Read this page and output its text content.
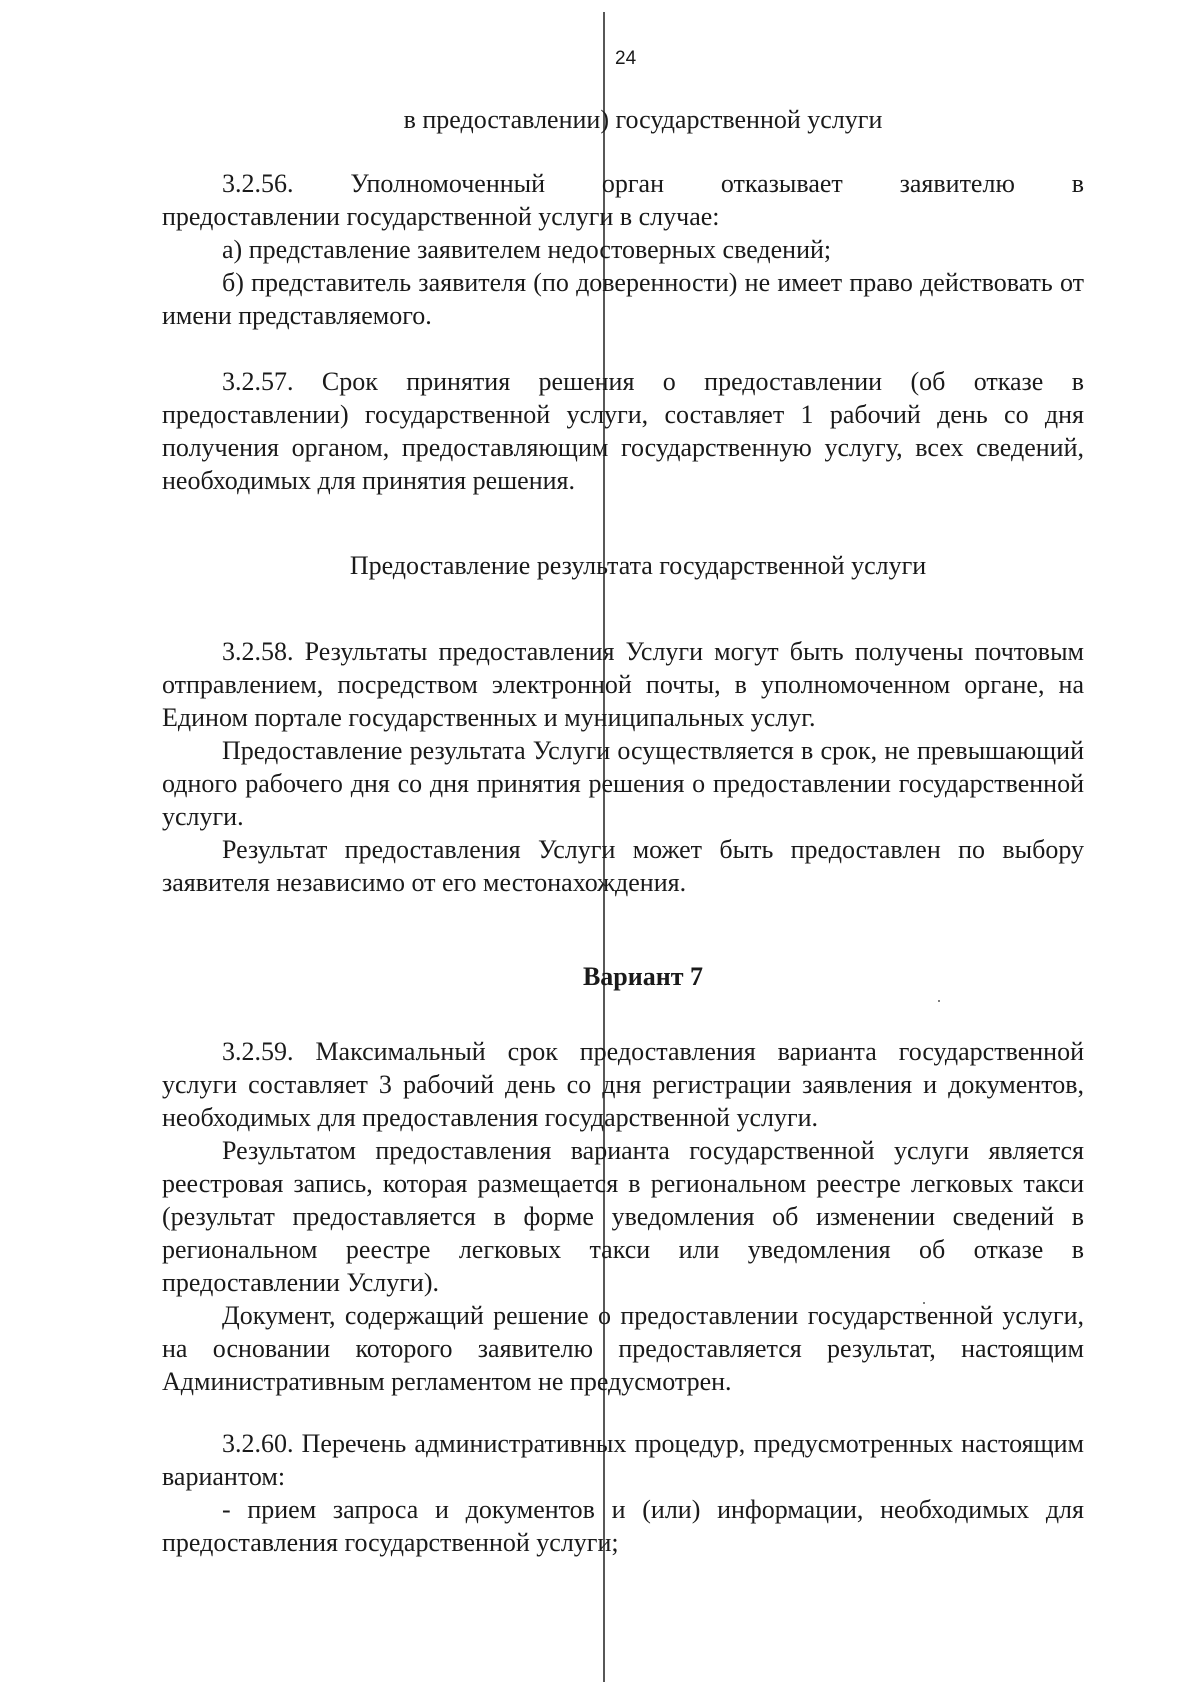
24

в предоставлении) государственной услуги

3.2.56. Уполномоченный орган отказывает заявителю в

предоставлении государственной услуги в случае:

а) представление заявителем недостоверных сведений;

б) представитель заявителя (по доверенности) не имеет право действовать от имени представляемого.

3.2.57. Срок принятия решения о предоставлении (об отказе в предоставлении) государственной услуги, составляет 1 рабочий день со дня получения органом, предоставляющим государственную услугу, всех сведений, необходимых для принятия решения.

Предоставление результата государственной услуги

3.2.58. Результаты предоставления Услуги могут быть получены почтовым отправлением, посредством электронной почты, в уполномоченном органе, на Едином портале государственных и муниципальных услуг.

Предоставление результата Услуги осуществляется в срок, не превышающий одного рабочего дня со дня принятия решения о предоставлении государственной услуги.

Результат предоставления Услуги может быть предоставлен по выбору заявителя независимо от его местонахождения.

Вариант 7

3.2.59. Максимальный срок предоставления варианта государственной услуги составляет 3 рабочий день со дня регистрации заявления и документов, необходимых для предоставления государственной услуги.

Результатом предоставления варианта государственной услуги является реестровая запись, которая размещается в региональном реестре легковых такси (результат предоставляется в форме уведомления об изменении сведений в региональном реестре легковых такси или уведомления об отказе в предоставлении Услуги).

Документ, содержащий решение о предоставлении государственной услуги, на основании которого заявителю предоставляется результат, настоящим Административным регламентом не предусмотрен.

3.2.60. Перечень административных процедур, предусмотренных настоящим вариантом:

- прием запроса и документов и (или) информации, необходимых для предоставления государственной услуги;
